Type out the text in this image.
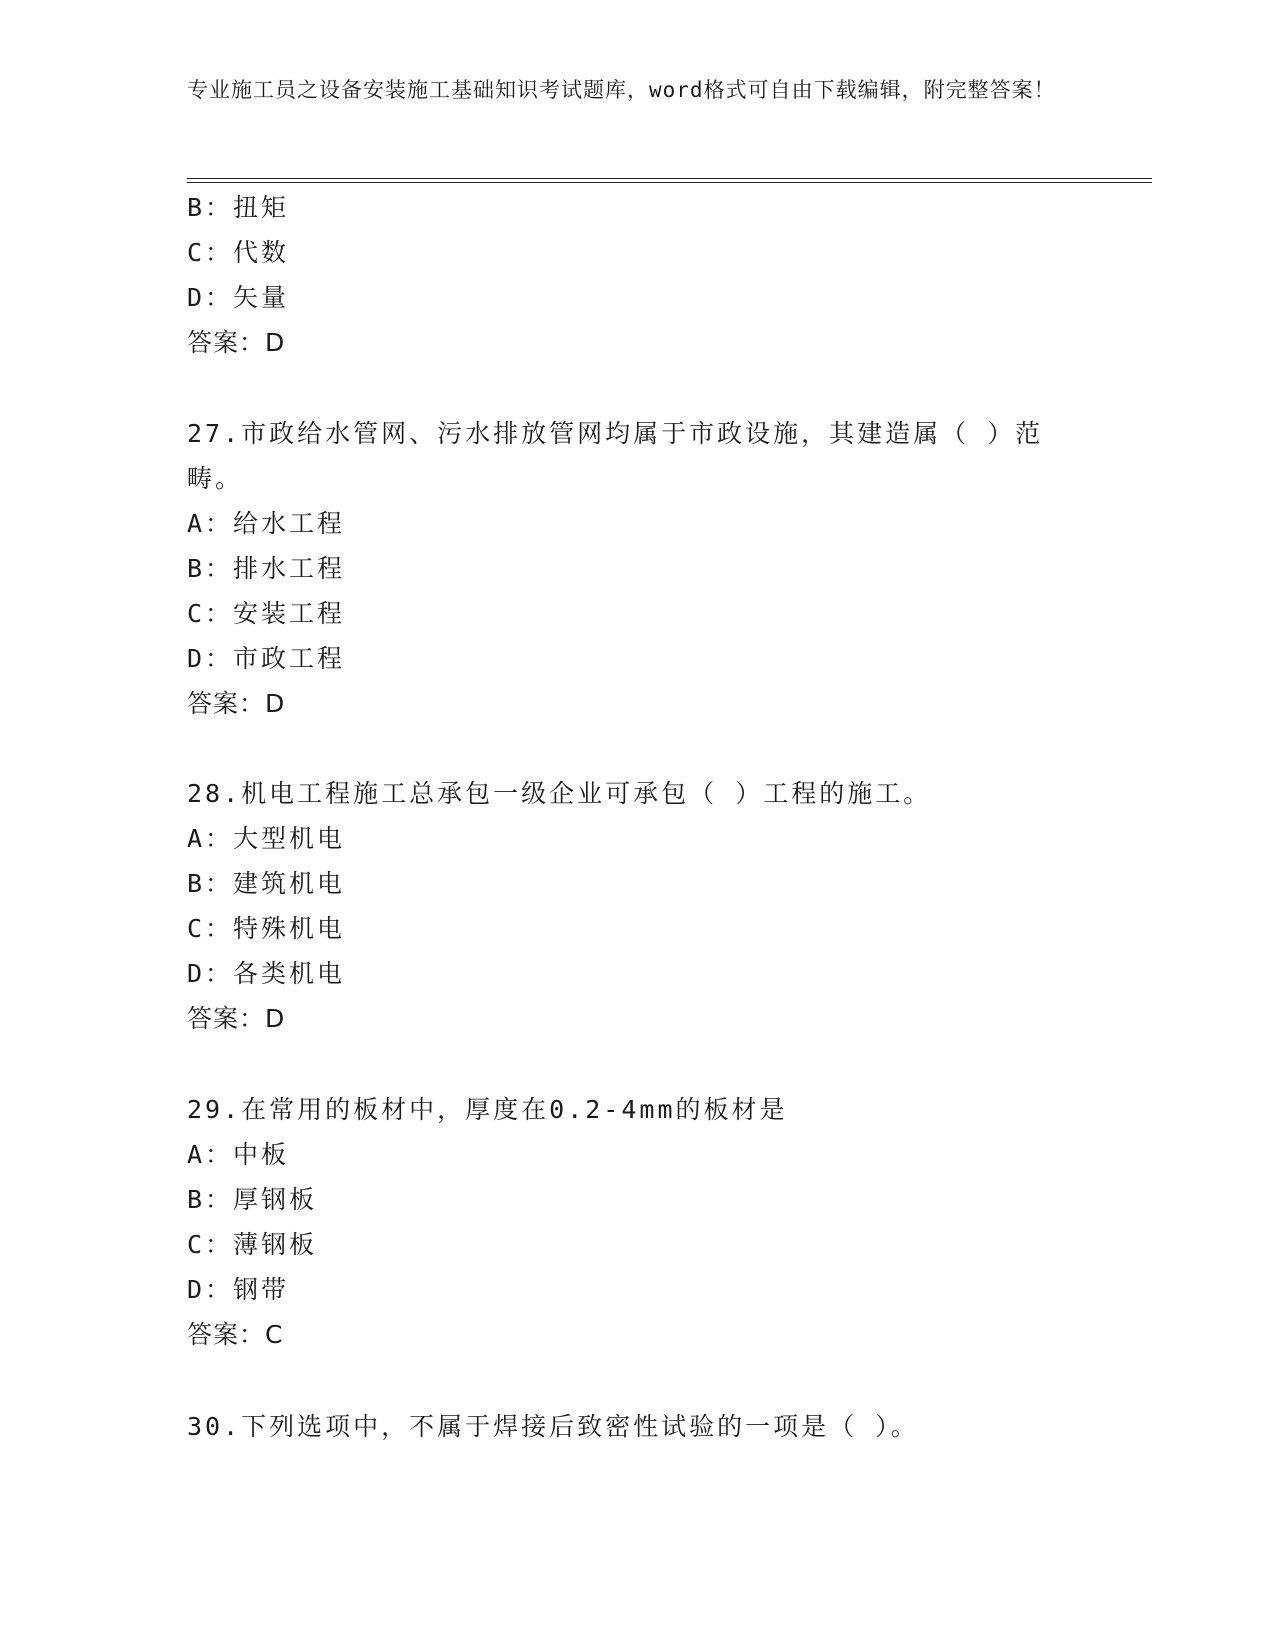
专业施工员之设备安装施工基础知识考试题库，word格式可自由下载编辑，附完整答案！
B：扭矩
C：代数
D：矢量
答案：D
27.市政给水管网、污水排放管网均属于市政设施，其建造属（ ）范
畴。
A：给水工程
B：排水工程
C：安装工程
D：市政工程
答案：D
28.机电工程施工总承包一级企业可承包（ ）工程的施工。
A：大型机电
B：建筑机电
C：特殊机电
D：各类机电
答案：D
29.在常用的板材中，厚度在0.2-4mm的板材是
A：中板
B：厚钢板
C：薄钢板
D：钢带
答案：C
30.下列选项中，不属于焊接后致密性试验的一项是（ ）。
